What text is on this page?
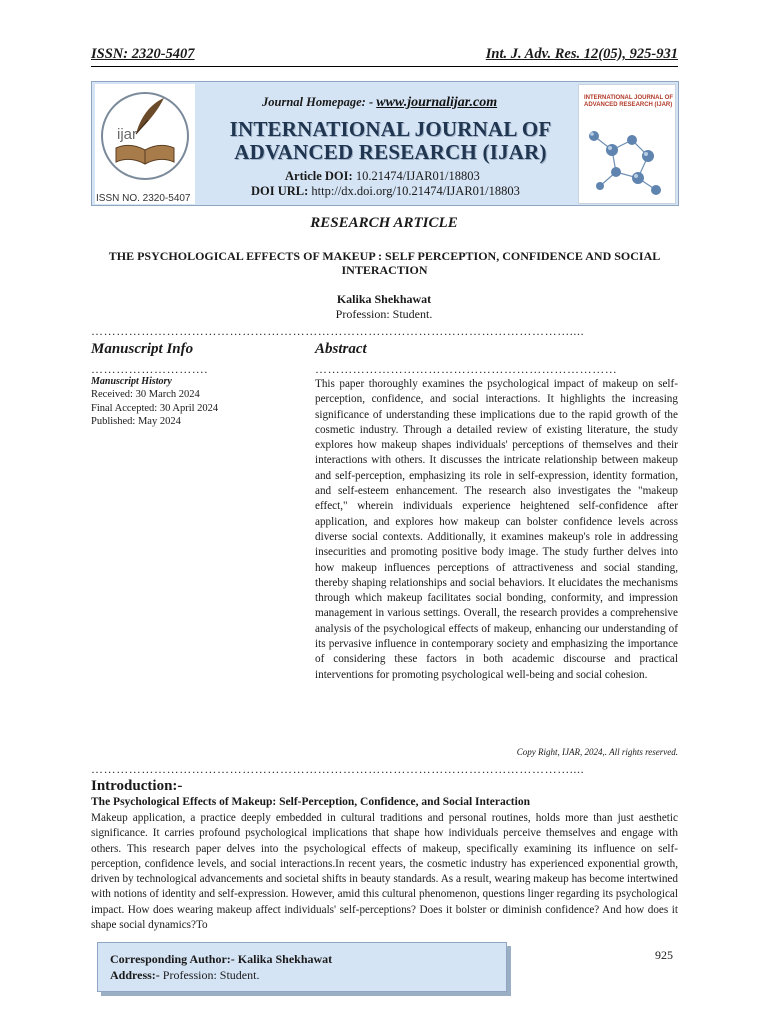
ISSN: 2320-5407	Int. J. Adv. Res. 12(05), 925-931
ijar
ISSN NO. 2320-5407
Journal Homepage: - www.journalijar.com
INTERNATIONAL JOURNAL OF ADVANCED RESEARCH (IJAR)
Article DOI: 10.21474/IJAR01/18803
DOI URL: http://dx.doi.org/10.21474/IJAR01/18803
INTERNATIONAL JOURNAL OF ADVANCED RESEARCH (IJAR)
RESEARCH ARTICLE
THE PSYCHOLOGICAL EFFECTS OF MAKEUP : SELF PERCEPTION, CONFIDENCE AND SOCIAL INTERACTION
Kalika Shekhawat
Profession: Student.
……………………………………………………………………………………………………....
Manuscript Info
……………………….
Manuscript History
Received: 30 March 2024
Final Accepted: 30 April 2024
Published: May 2024
Abstract
………………………………………………………………
This paper thoroughly examines the psychological impact of makeup on self-perception, confidence, and social interactions. It highlights the increasing significance of understanding these implications due to the rapid growth of the cosmetic industry. Through a detailed review of existing literature, the study explores how makeup shapes individuals' perceptions of themselves and their interactions with others. It discusses the intricate relationship between makeup and self-perception, emphasizing its role in self-expression, identity formation, and self-esteem enhancement. The research also investigates the "makeup effect," wherein individuals experience heightened self-confidence after application, and explores how makeup can bolster confidence levels across diverse social contexts. Additionally, it examines makeup's role in addressing insecurities and promoting positive body image. The study further delves into how makeup influences perceptions of attractiveness and social standing, thereby shaping relationships and social behaviors. It elucidates the mechanisms through which makeup facilitates social bonding, conformity, and impression management in various settings. Overall, the research provides a comprehensive analysis of the psychological effects of makeup, enhancing our understanding of its pervasive influence in contemporary society and emphasizing the importance of considering these factors in both academic discourse and practical interventions for promoting psychological well-being and social cohesion.
Copy Right, IJAR, 2024,. All rights reserved.
……………………………………………………………………………………………………....
Introduction:-
The Psychological Effects of Makeup: Self-Perception, Confidence, and Social Interaction
Makeup application, a practice deeply embedded in cultural traditions and personal routines, holds more than just aesthetic significance. It carries profound psychological implications that shape how individuals perceive themselves and engage with others. This research paper delves into the psychological effects of makeup, specifically examining its influence on self-perception, confidence levels, and social interactions.In recent years, the cosmetic industry has experienced exponential growth, driven by technological advancements and societal shifts in beauty standards. As a result, wearing makeup has become intertwined with notions of identity and self-expression. However, amid this cultural phenomenon, questions linger regarding its psychological impact. How does wearing makeup affect individuals' self-perceptions? Does it bolster or diminish confidence? And how does it shape social dynamics?To
Corresponding Author:- Kalika Shekhawat
Address:- Profession: Student.
925
